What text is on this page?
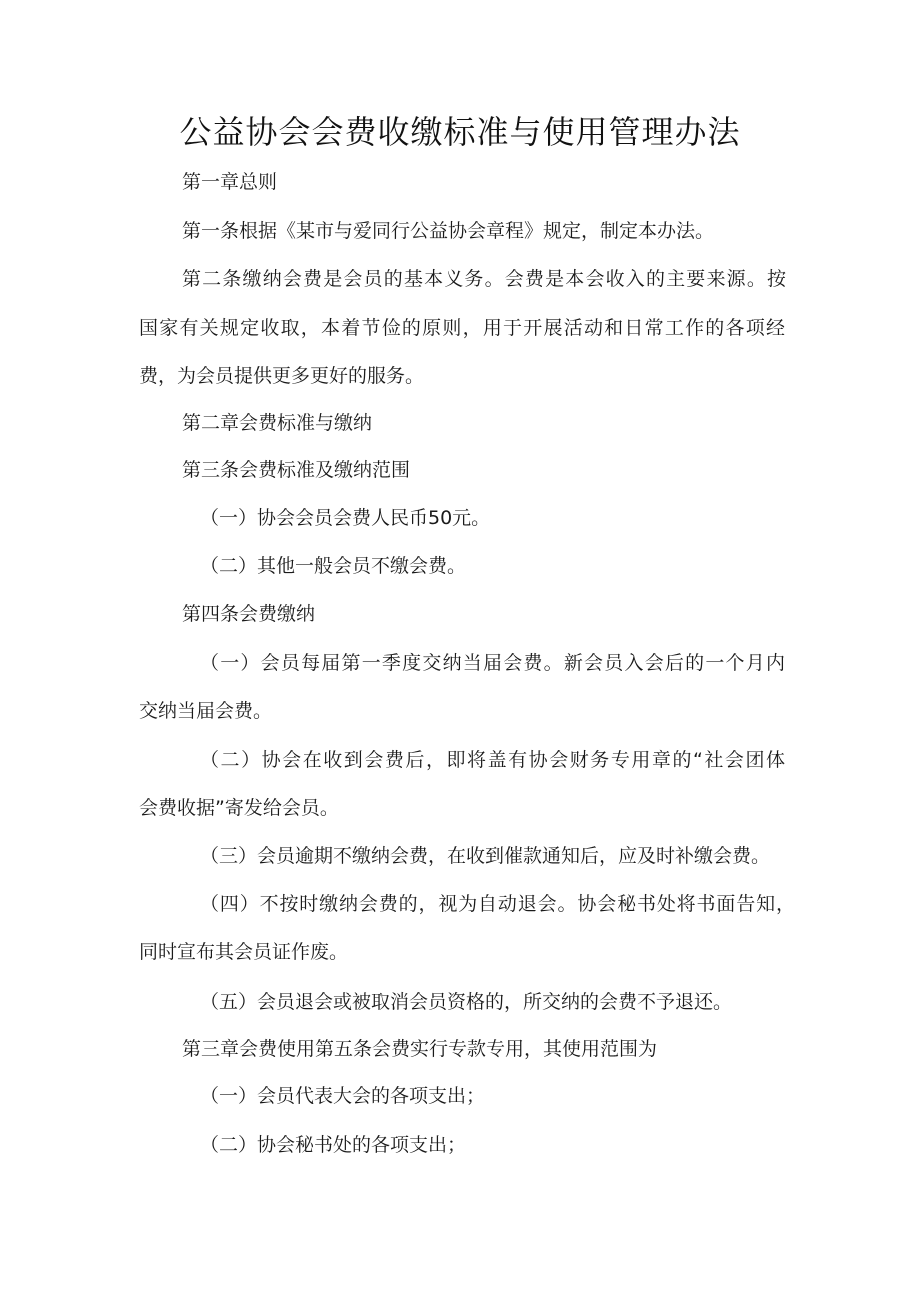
公益协会会费收缴标准与使用管理办法
第一章总则
第一条根据《某市与爱同行公益协会章程》规定，制定本办法。
第二条缴纳会费是会员的基本义务。会费是本会收入的主要来源。按
国家有关规定收取，本着节俭的原则，用于开展活动和日常工作的各项经
费，为会员提供更多更好的服务。
第二章会费标准与缴纳
第三条会费标准及缴纳范围
（一）协会会员会费人民币50元。
（二）其他一般会员不缴会费。
第四条会费缴纳
（一）会员每届第一季度交纳当届会费。新会员入会后的一个月内
交纳当届会费。
（二）协会在收到会费后，即将盖有协会财务专用章的“社会团体
会费收据”寄发给会员。
（三）会员逾期不缴纳会费，在收到催款通知后，应及时补缴会费。
（四）不按时缴纳会费的，视为自动退会。协会秘书处将书面告知，
同时宣布其会员证作废。
（五）会员退会或被取消会员资格的，所交纳的会费不予退还。
第三章会费使用第五条会费实行专款专用，其使用范围为
（一）会员代表大会的各项支出；
（二）协会秘书处的各项支出；
